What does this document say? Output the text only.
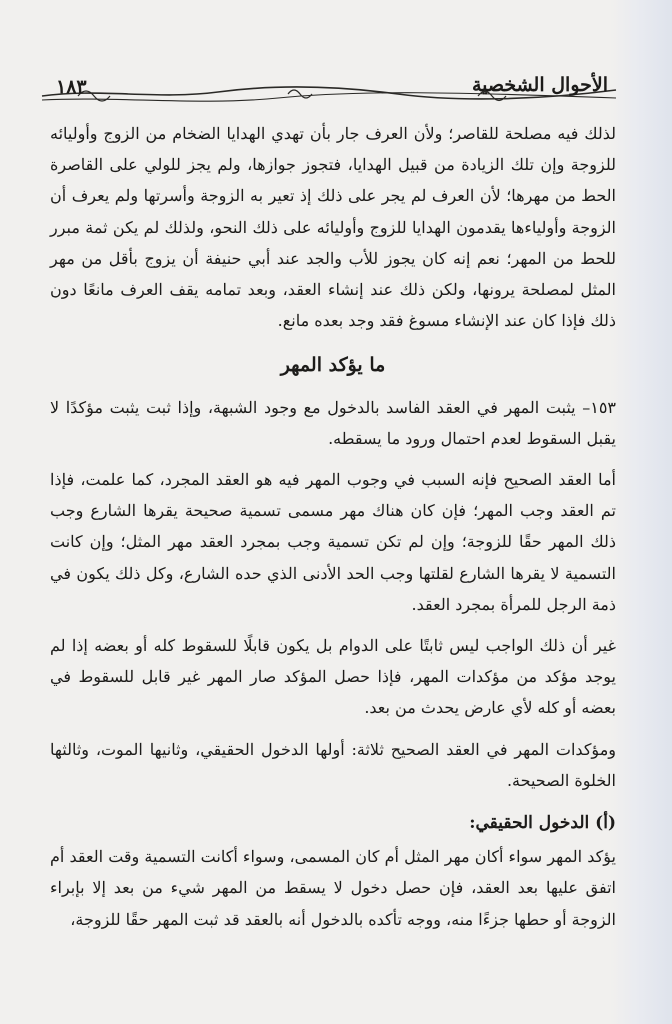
١٨٣	الأحوال الشخصية

لذلك فيه مصلحة للقاصر؛ ولأن العرف جار بأن تهدي الهدايا الضخام من الزوج وأوليائه للزوجة وإن تلك الزيادة من قبيل الهدايا، فتجوز جوازها، ولم يجز للولي على القاصرة الحط من مهرها؛ لأن العرف لم يجر على ذلك إذ تعير به الزوجة وأسرتها ولم يعرف أن الزوجة وأولياءها يقدمون الهدايا للزوج وأوليائه على ذلك النحو، ولذلك لم يكن ثمة مبرر للحط من المهر؛ نعم إنه كان يجوز للأب والجد عند أبي حنيفة أن يزوج بأقل من مهر المثل لمصلحة يرونها، ولكن ذلك عند إنشاء العقد، وبعد تمامه يقف العرف مانعًا دون ذلك فإذا كان عند الإنشاء مسوغ فقد وجد بعده مانع.

ما يؤكد المهر

١٥٣– يثبت المهر في العقد الفاسد بالدخول مع وجود الشبهة، وإذا ثبت يثبت مؤكدًا لا يقبل السقوط لعدم احتمال ورود ما يسقطه.

أما العقد الصحيح فإنه السبب في وجوب المهر فيه هو العقد المجرد، كما علمت، فإذا تم العقد وجب المهر؛ فإن كان هناك مهر مسمى تسمية صحيحة يقرها الشارع وجب ذلك المهر حقًا للزوجة؛ وإن لم تكن تسمية وجب بمجرد العقد مهر المثل؛ وإن كانت التسمية لا يقرها الشارع لقلتها وجب الحد الأدنى الذي حده الشارع، وكل ذلك يكون في ذمة الرجل للمرأة بمجرد العقد.

غير أن ذلك الواجب ليس ثابتًا على الدوام بل يكون قابلًا للسقوط كله أو بعضه إذا لم يوجد مؤكد من مؤكدات المهر، فإذا حصل المؤكد صار المهر غير قابل للسقوط في بعضه أو كله لأي عارض يحدث من بعد.

ومؤكدات المهر في العقد الصحيح ثلاثة: أولها الدخول الحقيقي، وثانيها الموت، وثالثها الخلوة الصحيحة.

(أ) الدخول الحقيقي:

يؤكد المهر سواء أكان مهر المثل أم كان المسمى، وسواء أكانت التسمية وقت العقد أم اتفق عليها بعد العقد، فإن حصل دخول لا يسقط من المهر شيء من بعد إلا بإبراء الزوجة أو حطها جزءًا منه، ووجه تأكده بالدخول أنه بالعقد قد ثبت المهر حقًا للزوجة،
